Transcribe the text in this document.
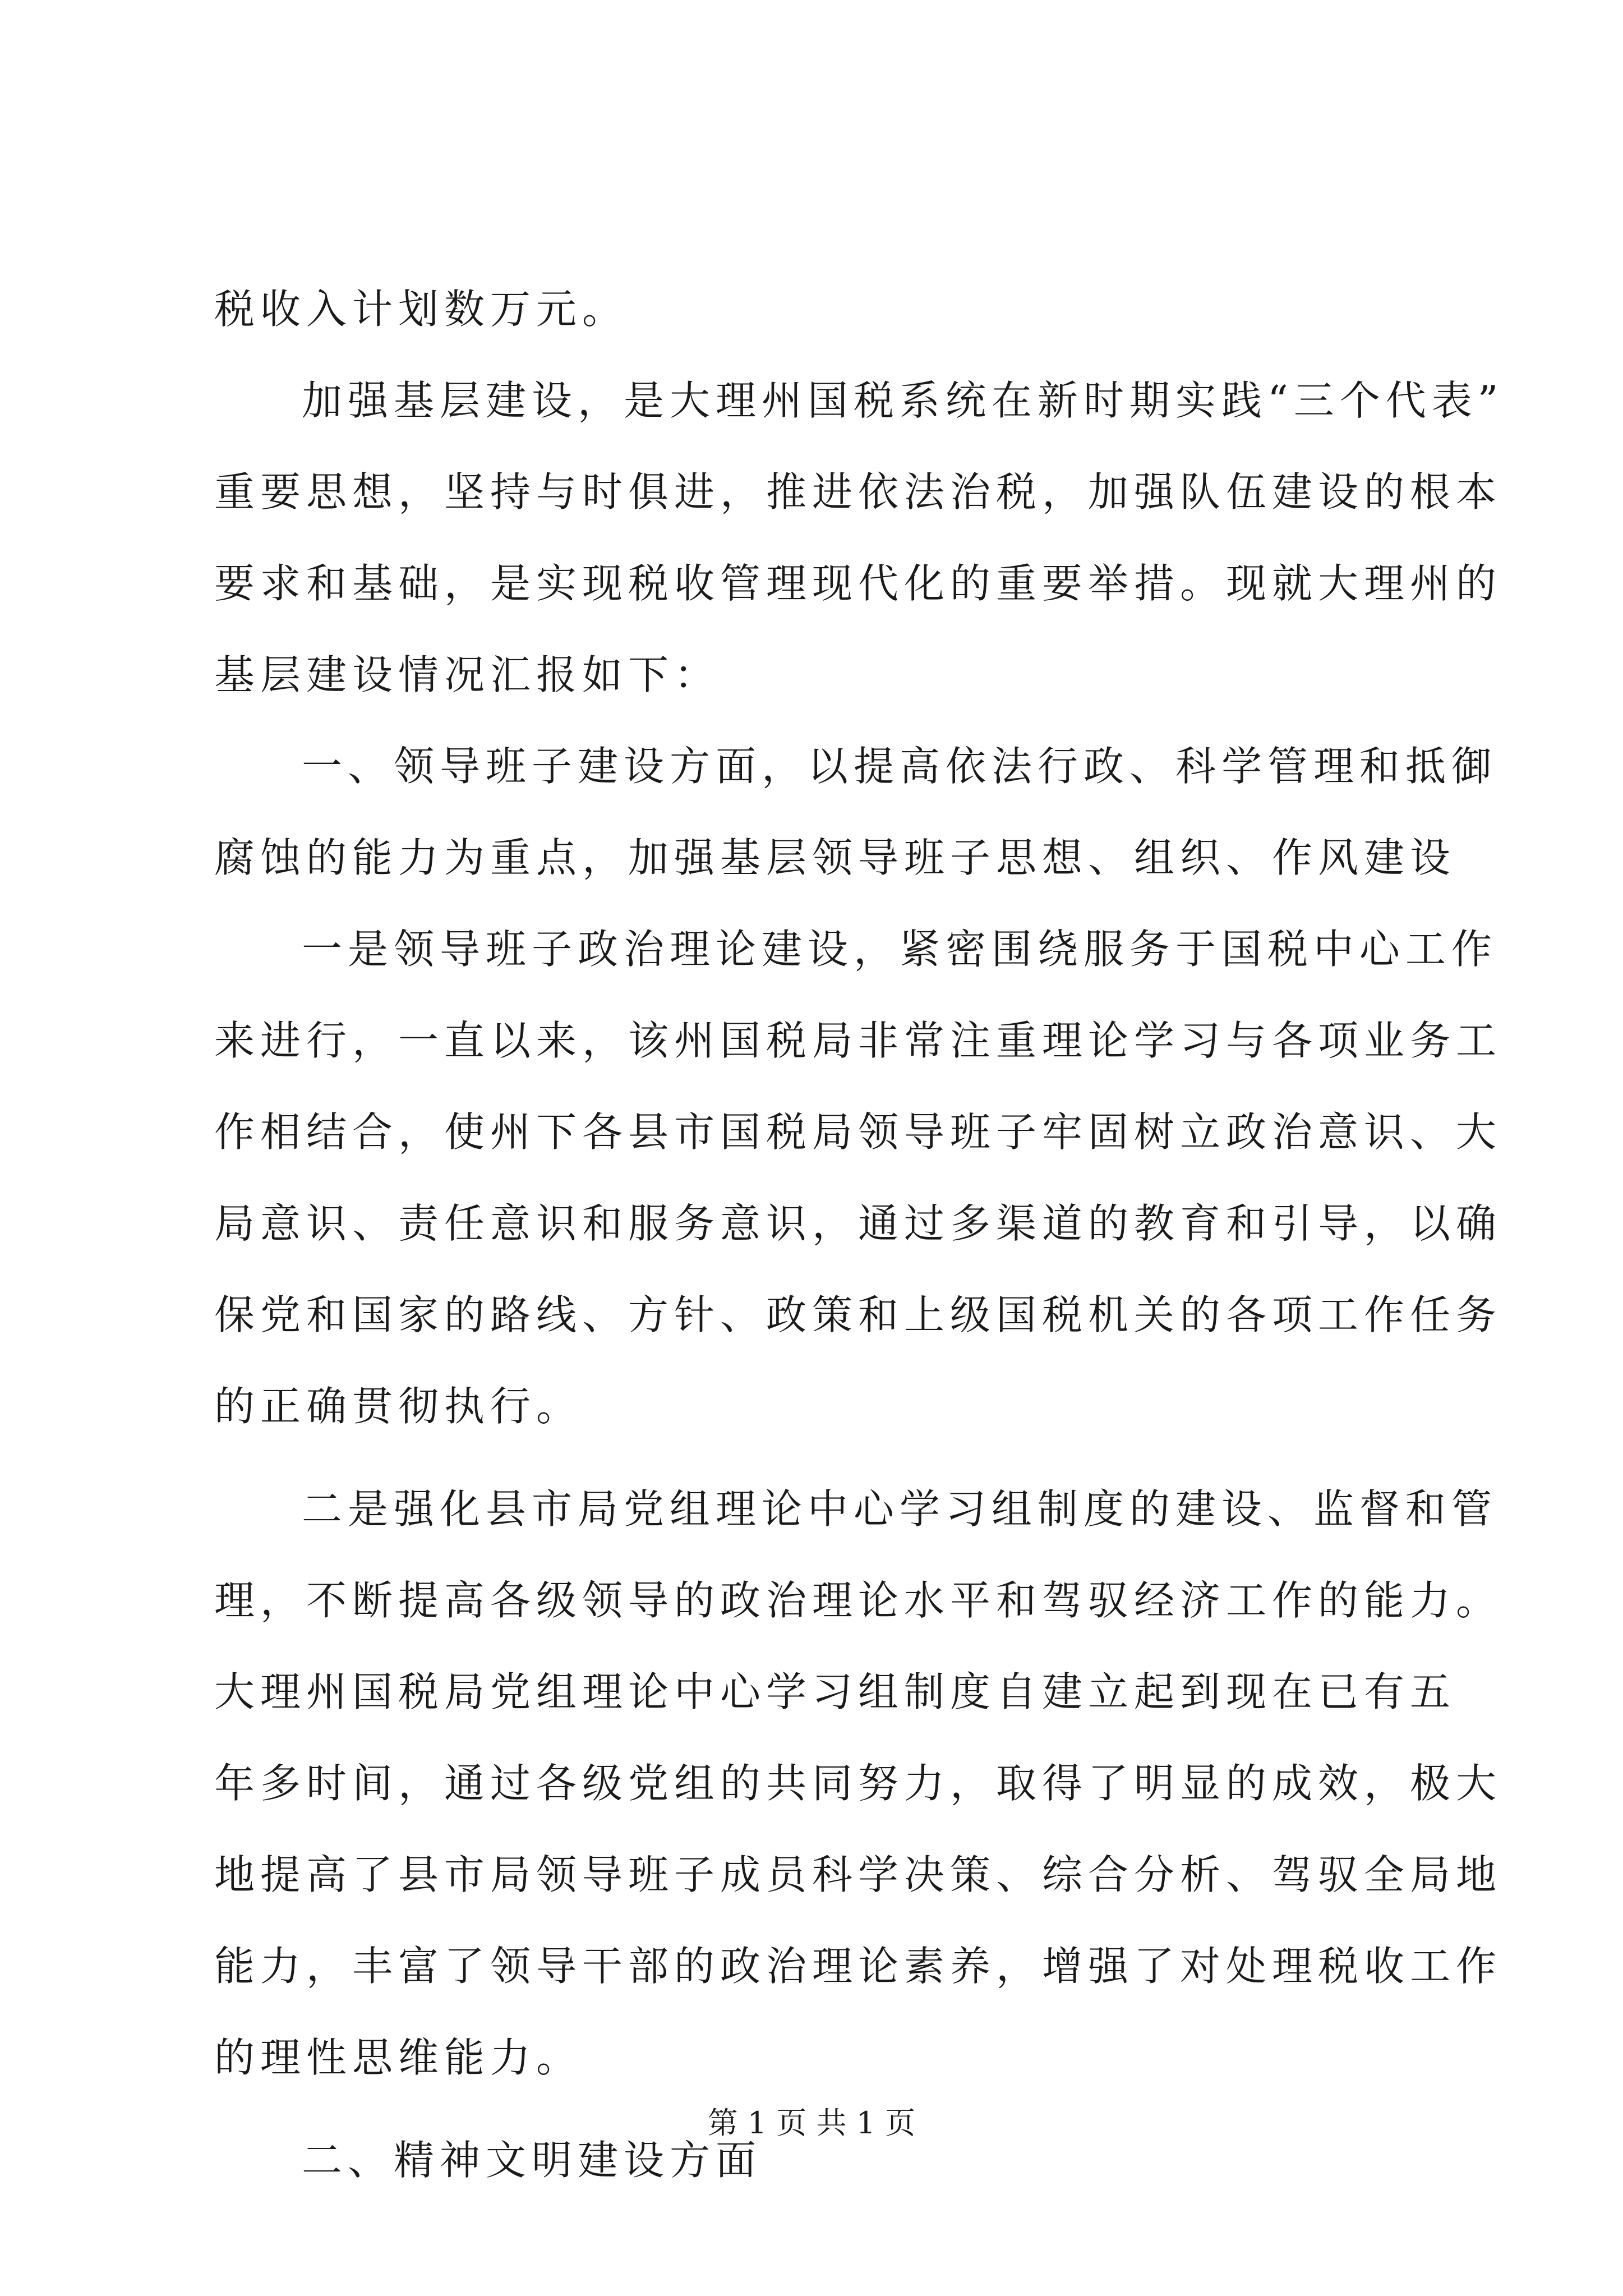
税收入计划数万元。
加强基层建设，是大理州国税系统在新时期实践“三个代表”
重要思想，坚持与时俱进，推进依法治税，加强队伍建设的根本
要求和基础，是实现税收管理现代化的重要举措。现就大理州的
基层建设情况汇报如下：
一、领导班子建设方面，以提高依法行政、科学管理和抵御
腐蚀的能力为重点，加强基层领导班子思想、组织、作风建设
一是领导班子政治理论建设，紧密围绕服务于国税中心工作
来进行，一直以来，该州国税局非常注重理论学习与各项业务工
作相结合，使州下各县市国税局领导班子牢固树立政治意识、大
局意识、责任意识和服务意识，通过多渠道的教育和引导，以确
保党和国家的路线、方针、政策和上级国税机关的各项工作任务
的正确贯彻执行。
二是强化县市局党组理论中心学习组制度的建设、监督和管
理，不断提高各级领导的政治理论水平和驾驭经济工作的能力。
大理州国税局党组理论中心学习组制度自建立起到现在已有五
年多时间，通过各级党组的共同努力，取得了明显的成效，极大
地提高了县市局领导班子成员科学决策、综合分析、驾驭全局地
能力，丰富了领导干部的政治理论素养，增强了对处理税收工作
的理性思维能力。
二、精神文明建设方面
第 1 页 共 1 页
